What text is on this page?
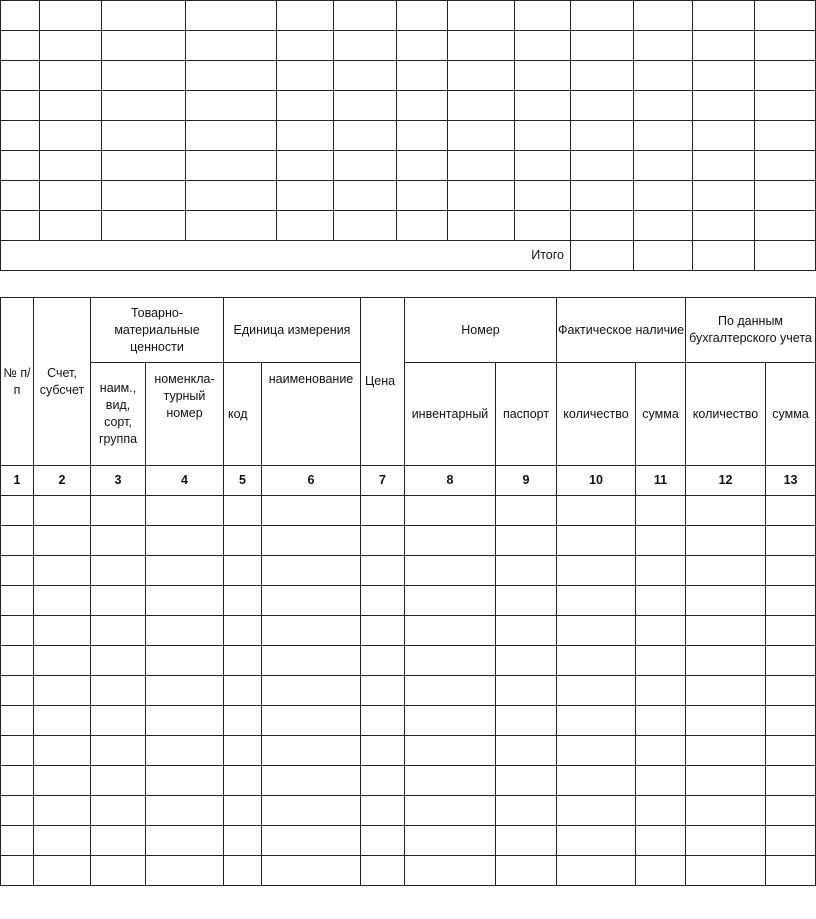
Итого												
№ п/п	Счет, субсчет	Товарно-материальные ценности		Единица измерения		Цена	Номер		Фактическое наличие		По данным бухгалтерского учета	
		наим., вид, сорт, группа	номенкла- турный номер	код	наименование		инвентарный	паспорт	количество	сумма	количество	сумма
1	2	3	4	5	6	7	8	9	10	11	12	13
